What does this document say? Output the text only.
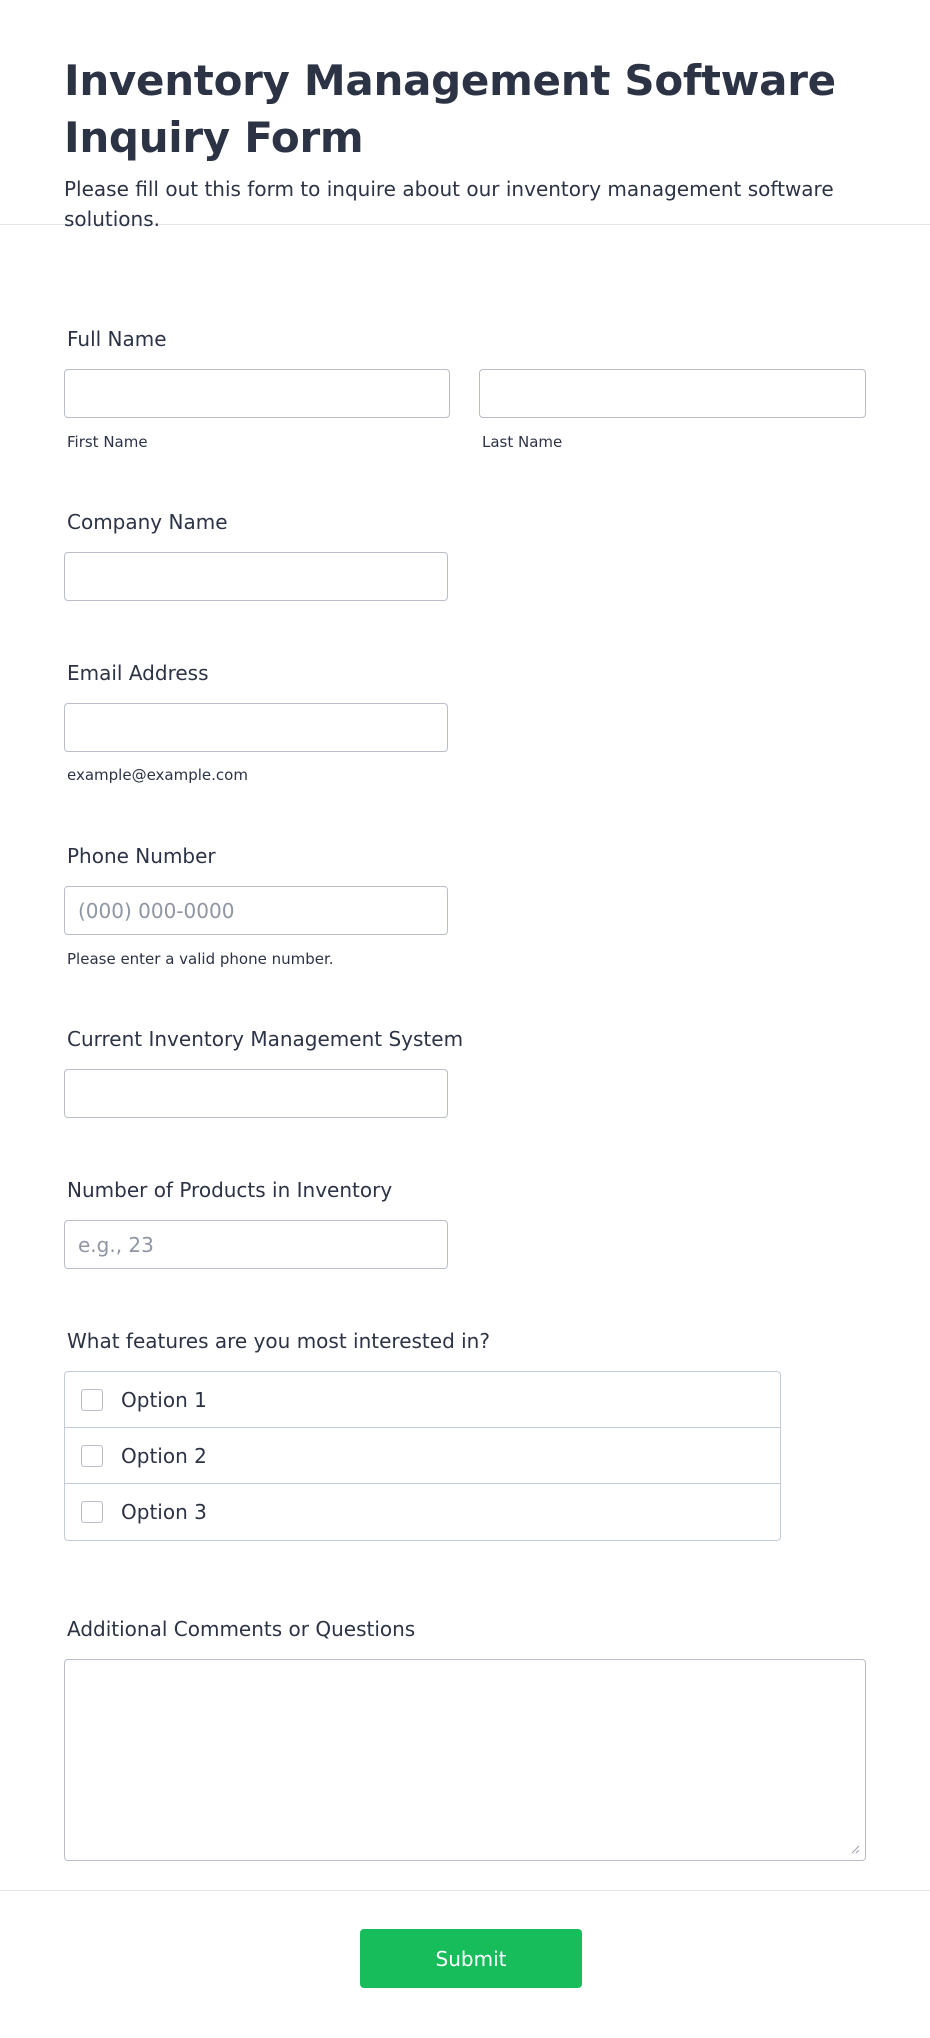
Inventory Management Software Inquiry Form

Please fill out this form to inquire about our inventory management software solutions.

Full Name
First Name	Last Name
Company Name
Email Address
example@example.com
Phone Number
(000) 000-0000
Please enter a valid phone number.
Current Inventory Management System
Number of Products in Inventory
e.g., 23
What features are you most interested in?
Option 1
Option 2
Option 3
Additional Comments or Questions
Submit
